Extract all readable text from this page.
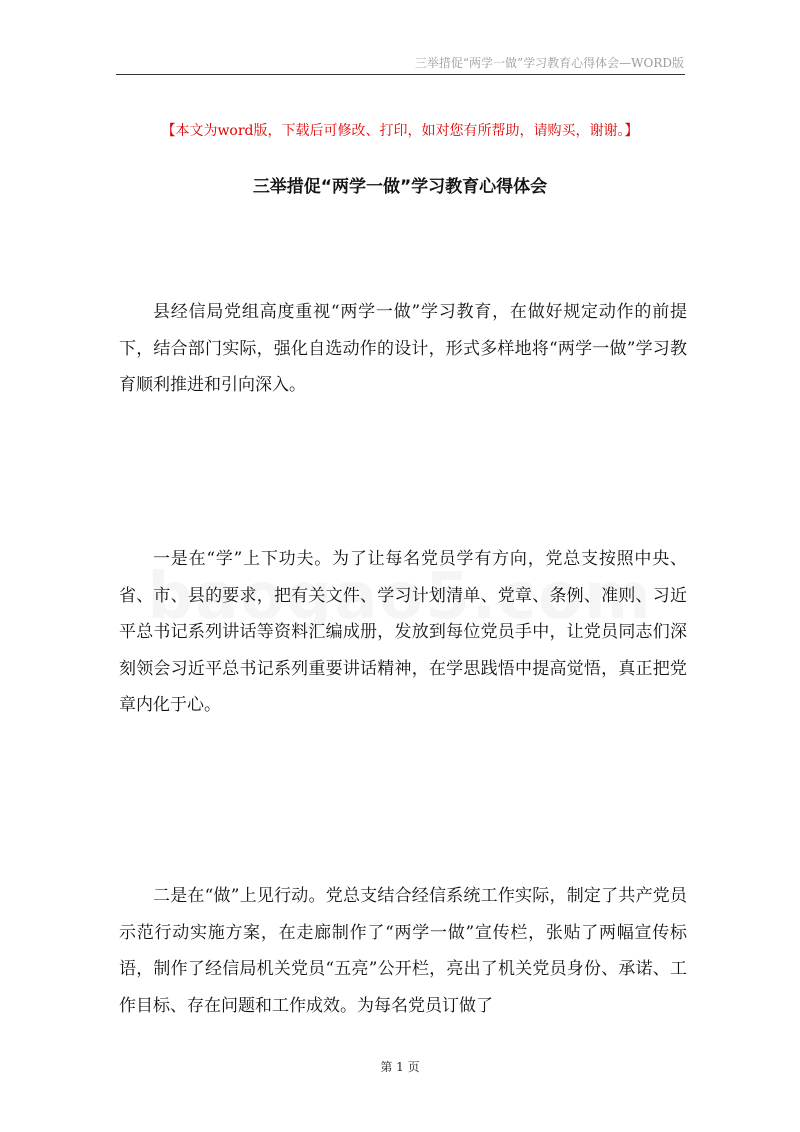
三举措促“两学一做”学习教育心得体会—WORD版
【本文为word版，下载后可修改、打印，如对您有所帮助，请购买，谢谢。】
三举措促“两学一做”学习教育心得体会

县经信局党组高度重视“两学一做”学习教育，在做好规定动作的前提下，结合部门实际，强化自选动作的设计，形式多样地将“两学一做”学习教育顺利推进和引向深入。

一是在“学”上下功夫。为了让每名党员学有方向，党总支按照中央、省、市、县的要求，把有关文件、学习计划清单、党章、条例、准则、习近平总书记系列讲话等资料汇编成册，发放到每位党员手中，让党员同志们深刻领会习近平总书记系列重要讲话精神，在学思践悟中提高觉悟，真正把党章内化于心。

二是在“做”上见行动。党总支结合经信系统工作实际，制定了共产党员示范行动实施方案，在走廊制作了“两学一做”宣传栏，张贴了两幅宣传标语，制作了经信局机关党员“五亮”公开栏，亮出了机关党员身份、承诺、工作目标、存在问题和工作成效。为每名党员订做了

第 1 页
